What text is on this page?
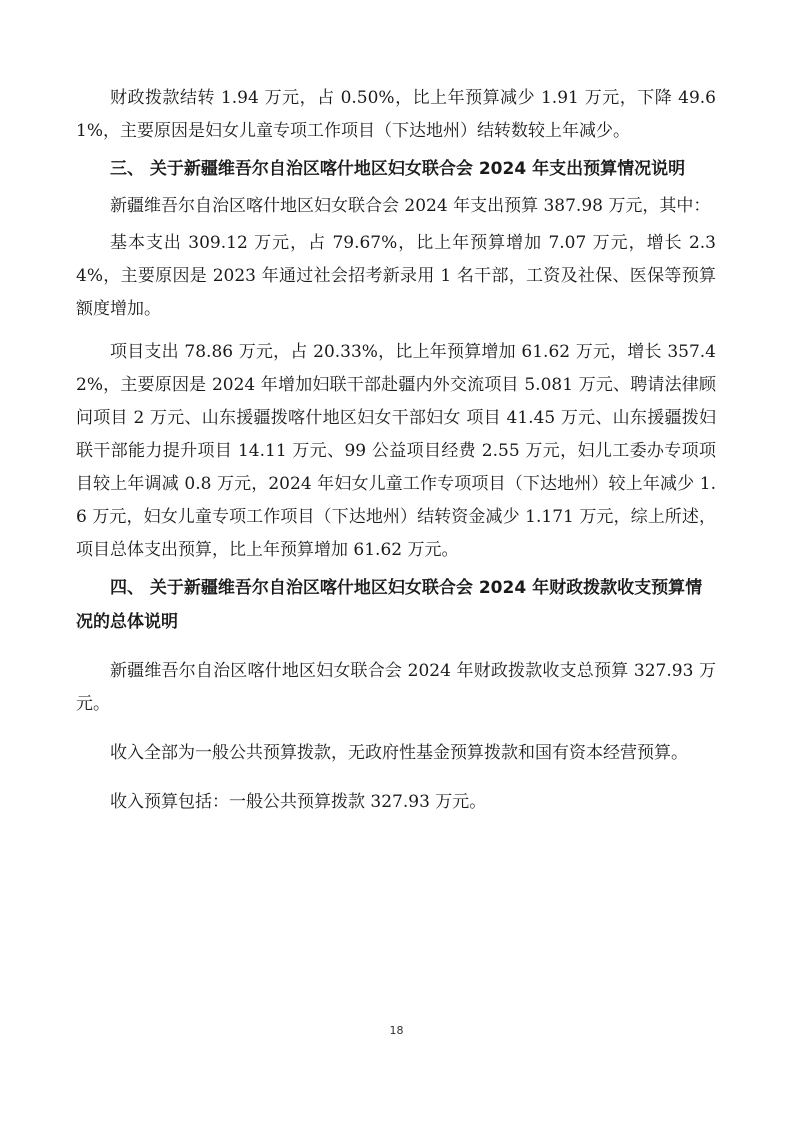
财政拨款结转 1.94 万元，占 0.50%，比上年预算减少 1.91 万元，下降 49.61%，主要原因是妇女儿童专项工作项目（下达地州）结转数较上年减少。

三、 关于新疆维吾尔自治区喀什地区妇女联合会 2024 年支出预算情况说明

新疆维吾尔自治区喀什地区妇女联合会 2024 年支出预算 387.98 万元，其中：

基本支出 309.12 万元，占 79.67%，比上年预算增加 7.07 万元，增长 2.34%，主要原因是 2023 年通过社会招考新录用 1 名干部，工资及社保、医保等预算额度增加。

项目支出 78.86 万元，占 20.33%，比上年预算增加 61.62 万元，增长 357.42%，主要原因是 2024 年增加妇联干部赴疆内外交流项目 5.081 万元、聘请法律顾问项目 2 万元、山东援疆拨喀什地区妇女干部妇女 项目 41.45 万元、山东援疆拨妇联干部能力提升项目 14.11 万元、99 公益项目经费 2.55 万元，妇儿工委办专项项目较上年调减 0.8 万元，2024 年妇女儿童工作专项项目（下达地州）较上年减少 1.6 万元，妇女儿童专项工作项目（下达地州）结转资金减少 1.171 万元，综上所述，项目总体支出预算，比上年预算增加 61.62 万元。

四、 关于新疆维吾尔自治区喀什地区妇女联合会 2024 年财政拨款收支预算情况的总体说明

新疆维吾尔自治区喀什地区妇女联合会 2024 年财政拨款收支总预算 327.93 万元。

收入全部为一般公共预算拨款，无政府性基金预算拨款和国有资本经营预算。

收入预算包括：一般公共预算拨款 327.93 万元。

18
